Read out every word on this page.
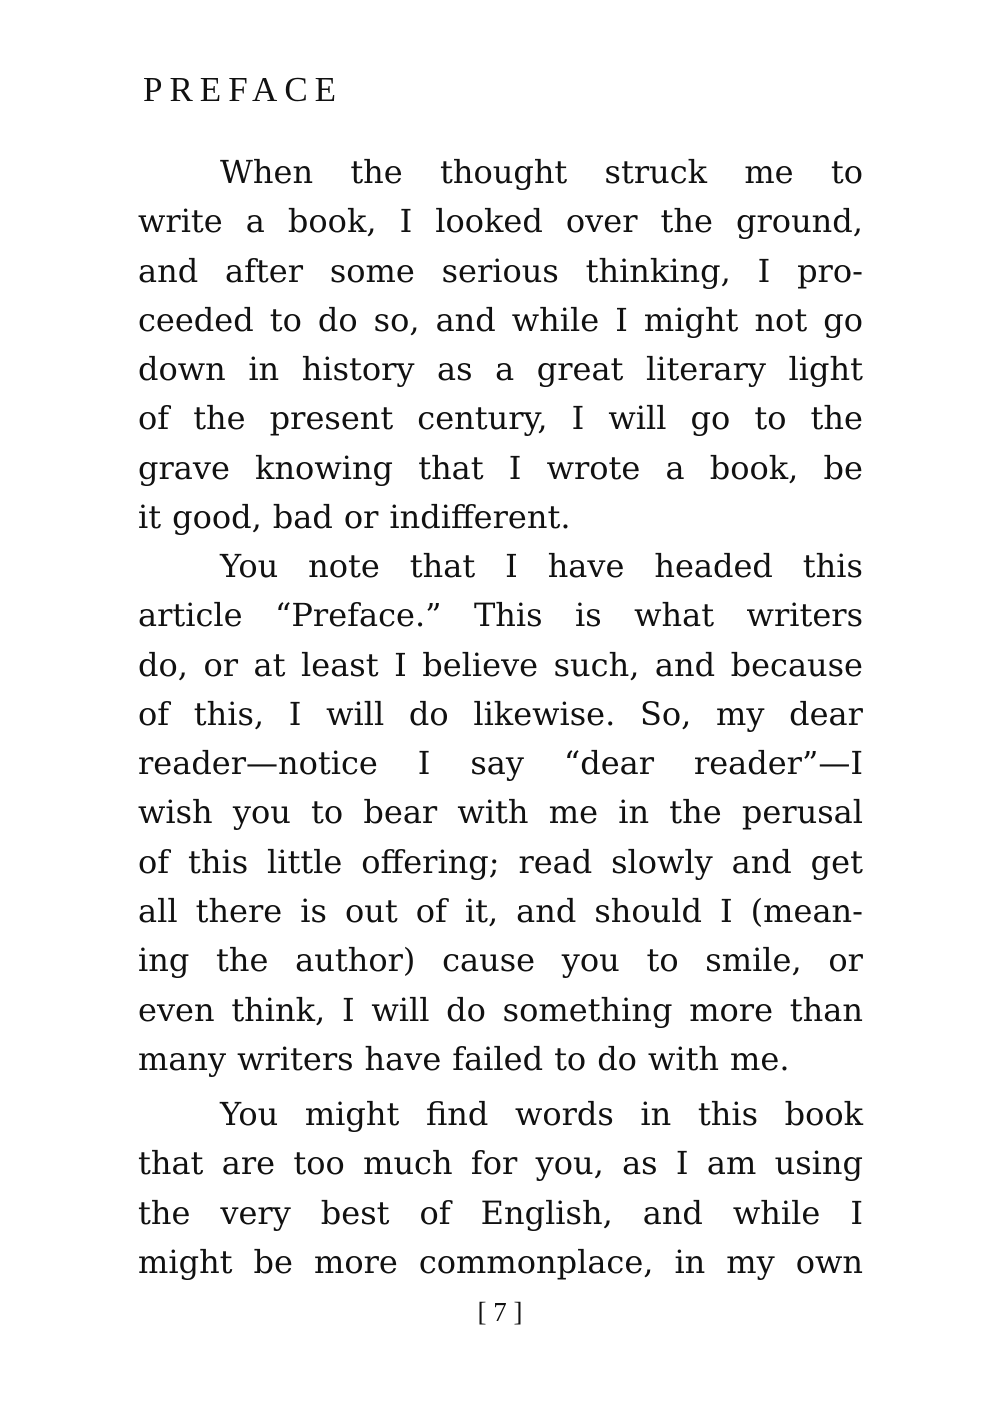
PREFACE
When the thought struck me to
write a book, I looked over the ground,
and after some serious thinking, I pro-
ceeded to do so, and while I might not go
down in history as a great literary light
of the present century, I will go to the
grave knowing that I wrote a book, be
it good, bad or indifferent.
You note that I have headed this
article “Preface.” This is what writers
do, or at least I believe such, and because
of this, I will do likewise. So, my dear
reader—notice I say “dear reader”—I
wish you to bear with me in the perusal
of this little offering; read slowly and get
all there is out of it, and should I (mean-
ing the author) cause you to smile, or
even think, I will do something more than
many writers have failed to do with me.
You might find words in this book
that are too much for you, as I am using
the very best of English, and while I
might be more commonplace, in my own
[ 7 ]
